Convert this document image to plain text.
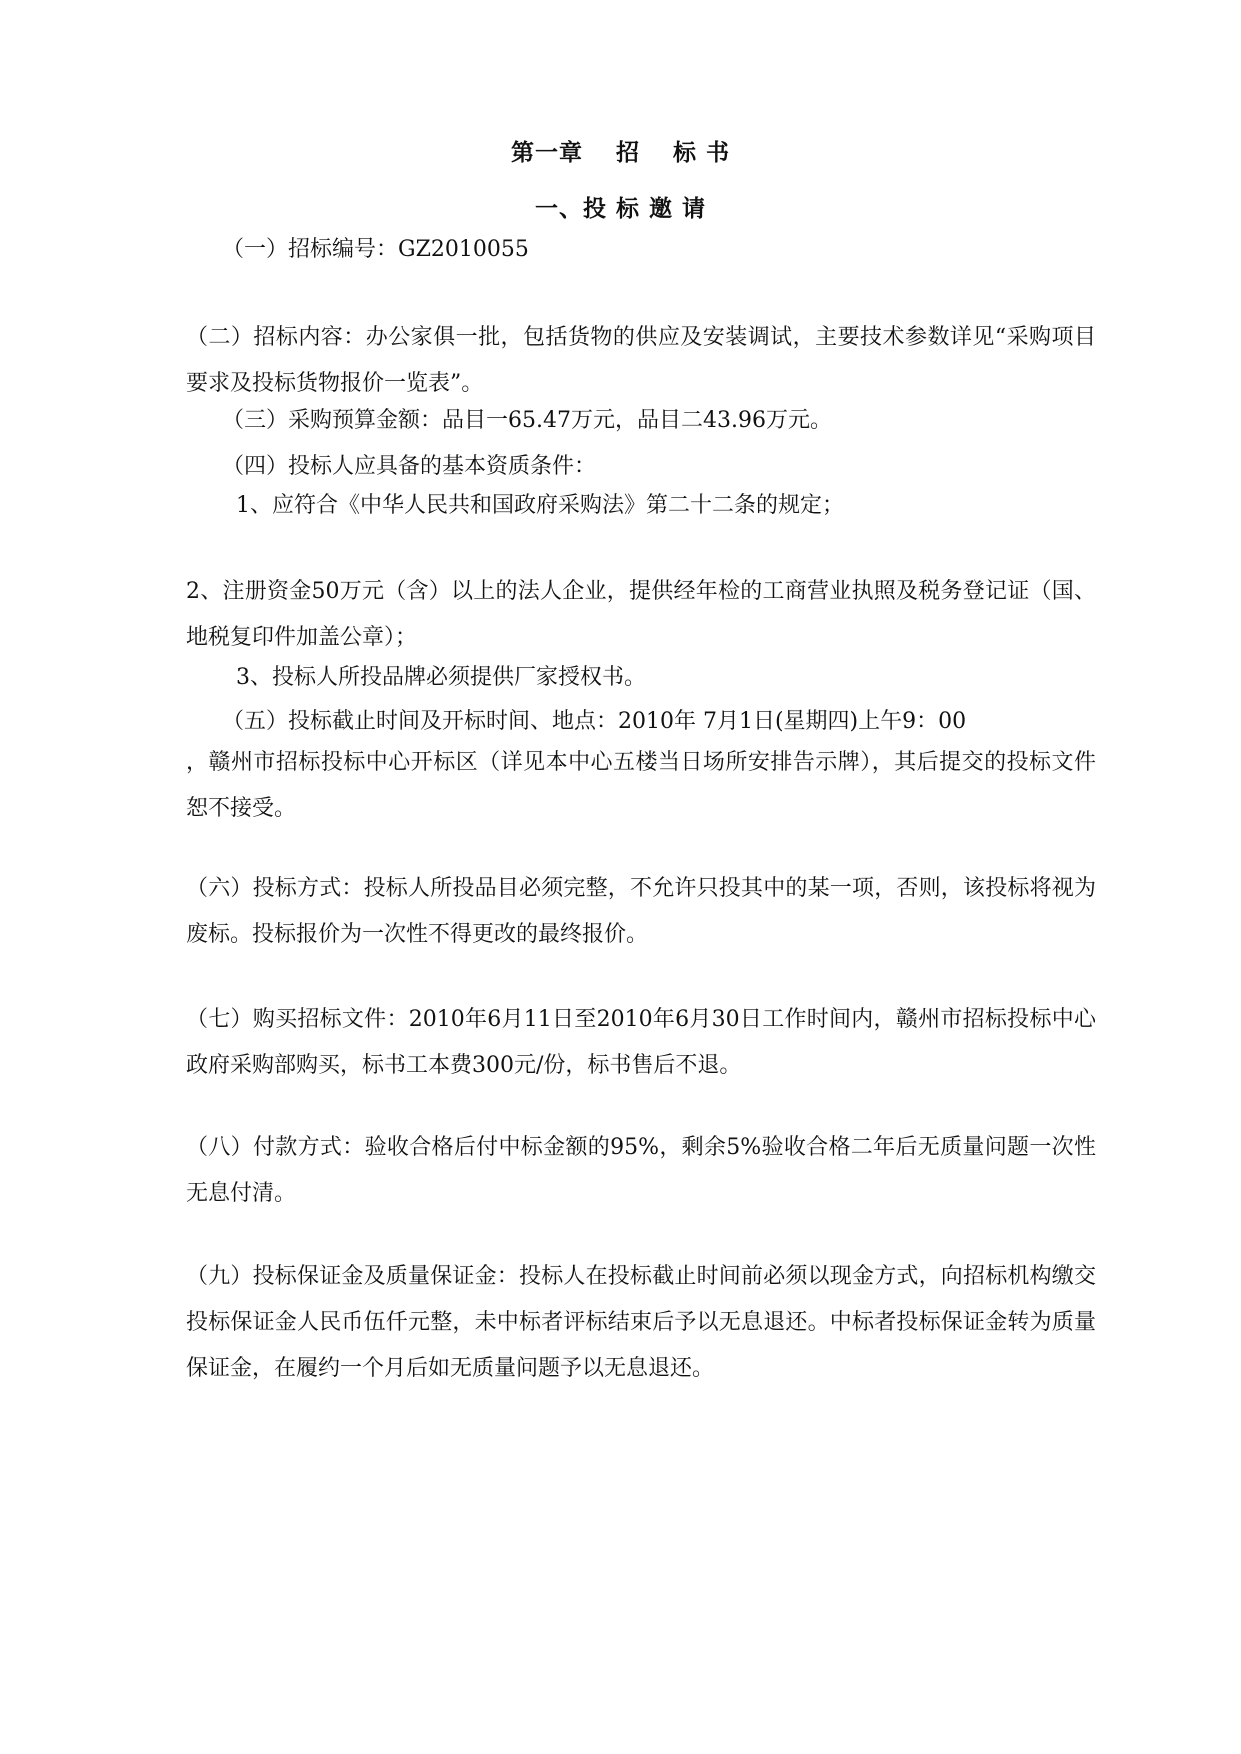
第一章　 招　 标 书
一、投 标 邀 请
（一）招标编号：GZ2010055
（二）招标内容：办公家俱一批，包括货物的供应及安装调试，主要技术参数详见“采购项目要求及投标货物报价一览表”。
（三）采购预算金额：品目一65.47万元，品目二43.96万元。
（四）投标人应具备的基本资质条件：
1、应符合《中华人民共和国政府采购法》第二十二条的规定；
2、注册资金50万元（含）以上的法人企业，提供经年检的工商营业执照及税务登记证（国、地税复印件加盖公章）；
3、投标人所投品牌必须提供厂家授权书。
（五）投标截止时间及开标时间、地点：2010年 7月1日(星期四)上午9：00
，赣州市招标投标中心开标区（详见本中心五楼当日场所安排告示牌），其后提交的投标文件恕不接受。
（六）投标方式：投标人所投品目必须完整，不允许只投其中的某一项，否则，该投标将视为废标。投标报价为一次性不得更改的最终报价。
（七）购买招标文件：2010年6月11日至2010年6月30日工作时间内，赣州市招标投标中心政府采购部购买，标书工本费300元/份，标书售后不退。
（八）付款方式：验收合格后付中标金额的95%，剩余5%验收合格二年后无质量问题一次性无息付清。
（九）投标保证金及质量保证金：投标人在投标截止时间前必须以现金方式，向招标机构缴交投标保证金人民币伍仟元整，未中标者评标结束后予以无息退还。中标者投标保证金转为质量保证金，在履约一个月后如无质量问题予以无息退还。
